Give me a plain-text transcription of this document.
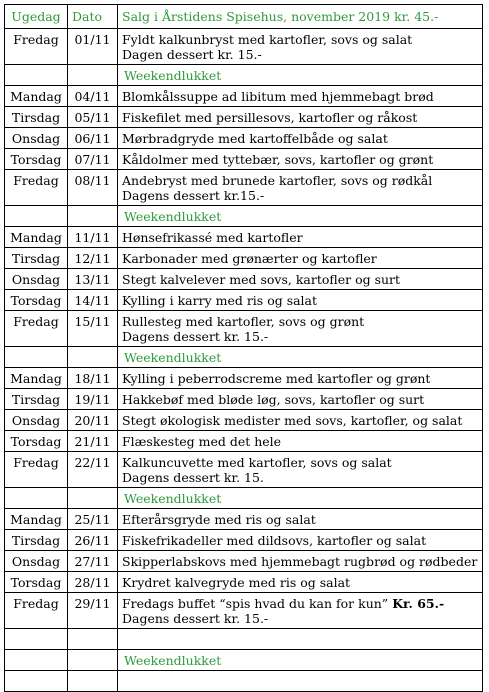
Ugedag	Dato	Salg i Årstidens Spisehus, november 2019 kr. 45.-
Fredag	01/11	Fyldt kalkunbryst med kartofler, sovs og salat
Dagen dessert kr. 15.-

		Weekendlukket
Mandag	04/11	Blomkålssuppe ad libitum med hjemmebagt brød

Tirsdag	05/11	Fiskefilet med persillesovs, kartofler og råkost

Onsdag	06/11	Mørbradgryde med kartoffelbåde og salat

Torsdag	07/11	Kåldolmer med tyttebær, sovs, kartofler og grønt

Fredag	08/11	Andebryst med brunede kartofler, sovs og rødkål
Dagens dessert kr.15.-

		Weekendlukket
Mandag	11/11	Hønsefrikassé med kartofler

Tirsdag	12/11	Karbonader med grønærter og kartofler

Onsdag	13/11	Stegt kalvelever med sovs, kartofler og surt

Torsdag	14/11	Kylling i karry med ris og salat

Fredag	15/11	Rullesteg med kartofler, sovs og grønt
Dagens dessert kr. 15.-

		Weekendlukket
Mandag	18/11	Kylling i peberrodscreme med kartofler og grønt

Tirsdag	19/11	Hakkebøf med bløde løg, sovs, kartofler og surt

Onsdag	20/11	Stegt økologisk medister med sovs, kartofler, og salat

Torsdag	21/11	Flæskesteg med det hele

Fredag	22/11	Kalkuncuvette med kartofler, sovs og salat
Dagens dessert kr. 15.

		Weekendlukket
Mandag	25/11	Efterårsgryde med ris og salat

Tirsdag	26/11	Fiskefrikadeller med dildsovs, kartofler og salat

Onsdag	27/11	Skipperlabskovs med hjemmebagt rugbrød og rødbeder

Torsdag	28/11	Krydret kalvegryde med ris og salat

Fredag	29/11	Fredags buffet “spis hvad du kan for kun” Kr. 65.-
Dagens dessert kr. 15.-

		Weekendlukket
